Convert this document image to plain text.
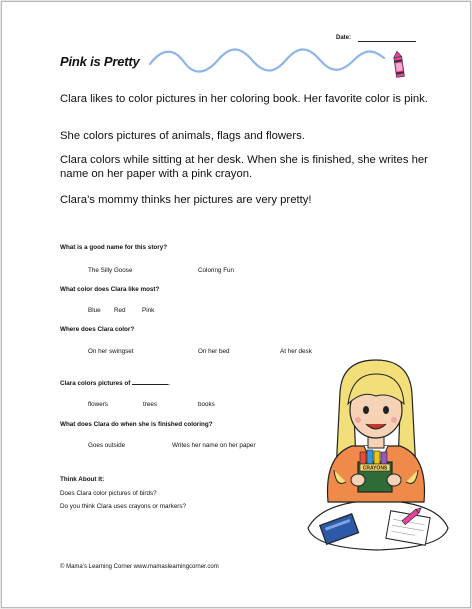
Date:
Pink is Pretty
Clara likes to color pictures in her coloring book. Her favorite color is pink.
She colors pictures of animals, flags and flowers.
Clara colors while sitting at her desk. When she is finished, she writes her name on her paper with a pink crayon.
Clara’s mommy thinks her pictures are very pretty!
What is a good name for this story?
The Silly Goose	Coloring Fun
What color does Clara like most?
Blue Red	Pink
Where does Clara color?
On her swingset	On her bed	At her desk
Clara colors pictures of	.
flowers	trees	books
What does Clara do when she is finished coloring?
Goes outside	Writes her name on her paper
Think About It:
Does Clara color pictures of birds?
Do you think Clara uses crayons or markers?
CRAYONS
© Mama’s Learning Corner www.mamaslearningcorner.com
